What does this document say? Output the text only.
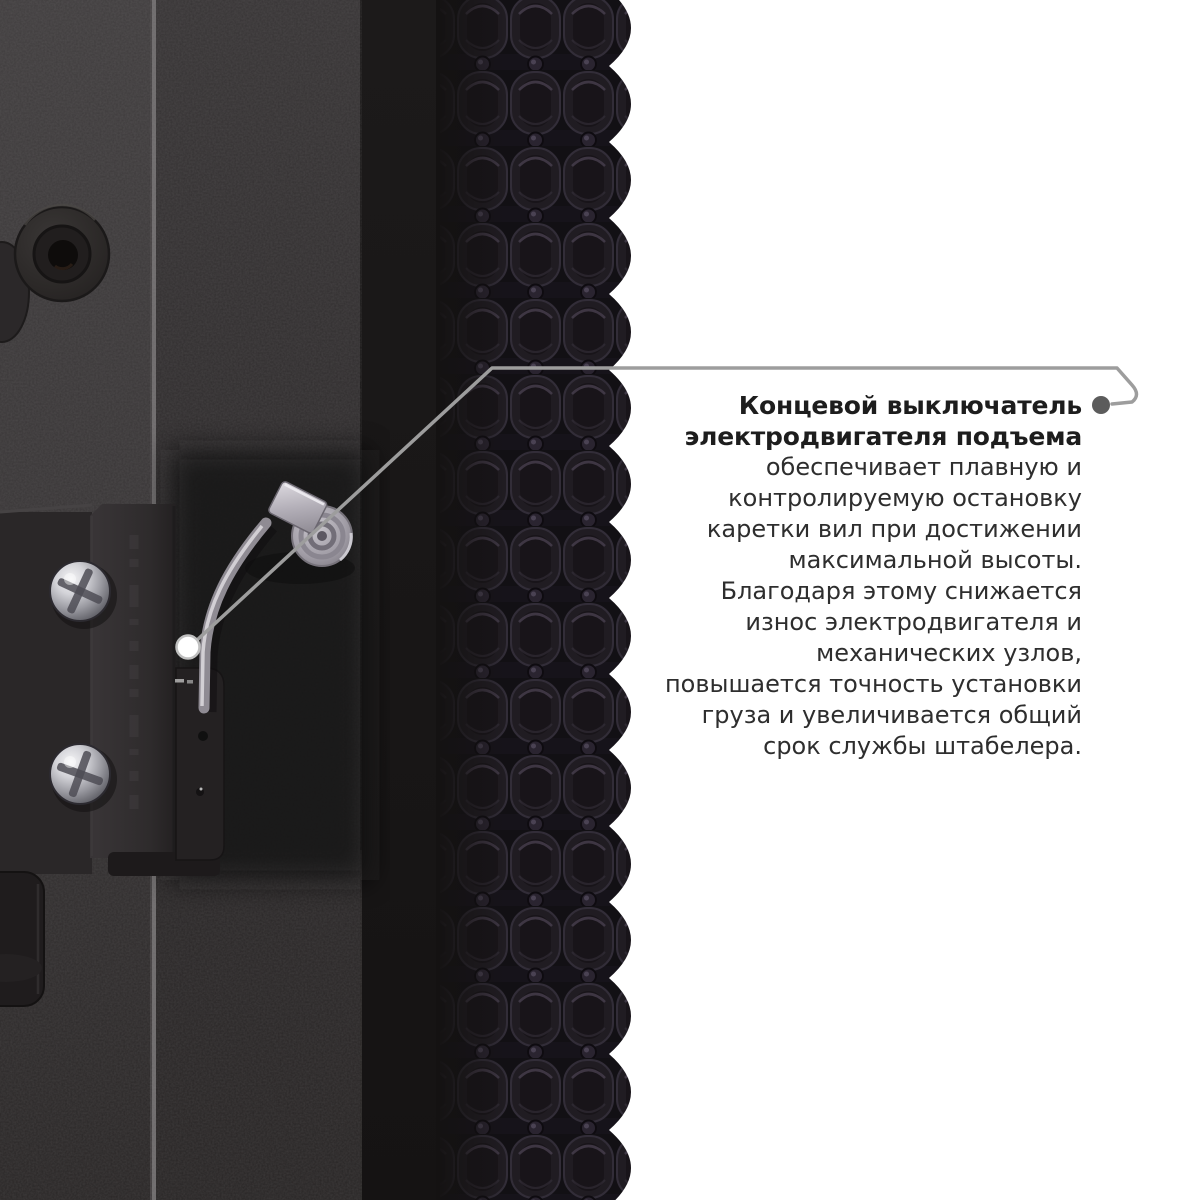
Концевой выключатель
электродвигателя подъема
обеспечивает плавную и
контролируемую остановку
каретки вил при достижении
максимальной высоты.
Благодаря этому снижается
износ электродвигателя и
механических узлов,
повышается точность установки
груза и увеличивается общий
срок службы штабелера.
